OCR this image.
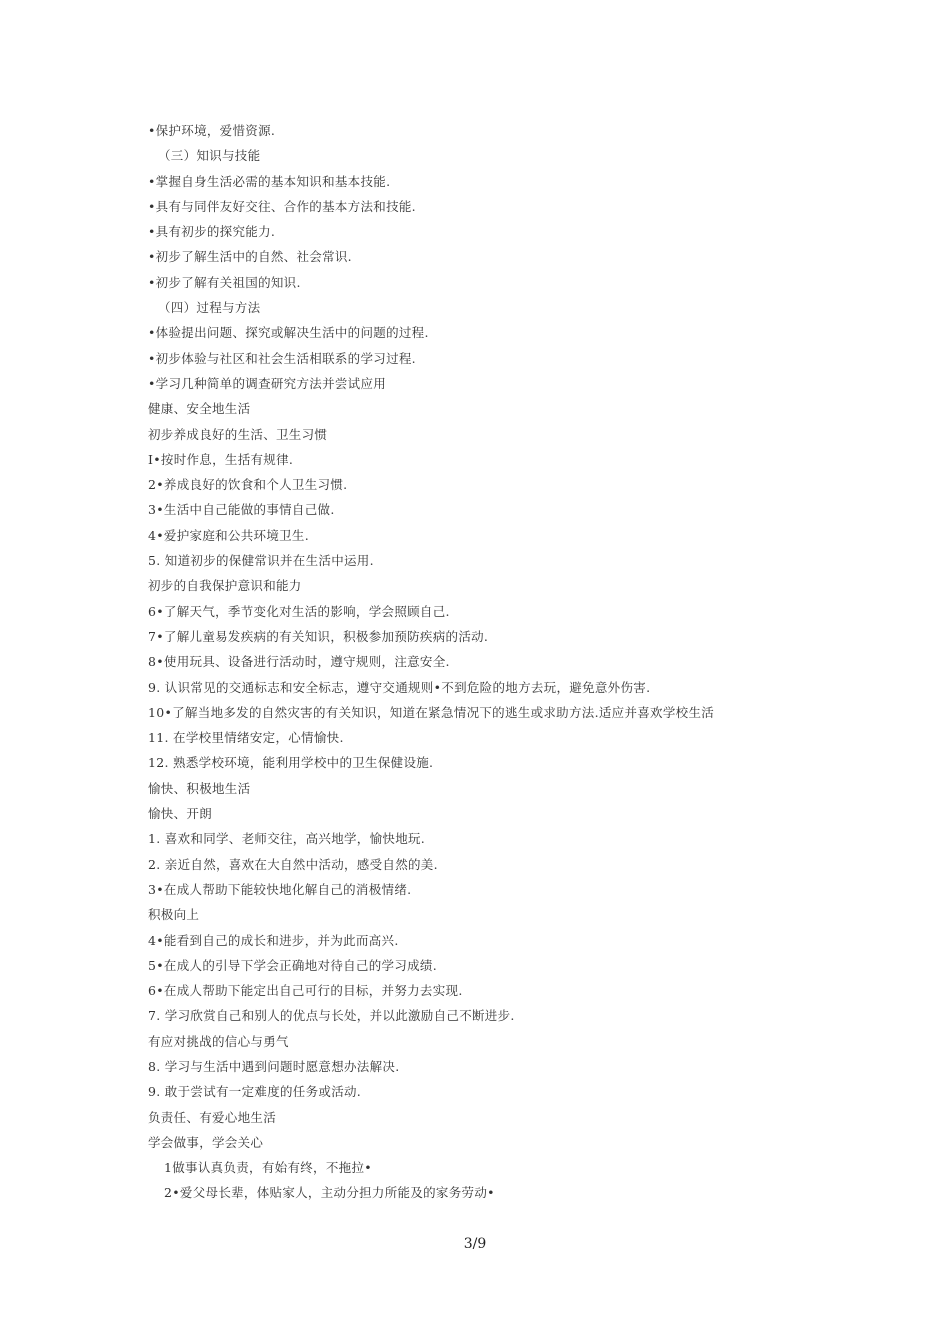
•保护环境，爱惜资源.
（三）知识与技能
•掌握自身生活必需的基本知识和基本技能.
•具有与同伴友好交往、合作的基本方法和技能.
•具有初步的探究能力.
•初步了解生活中的自然、社会常识.
•初步了解有关祖国的知识.
（四）过程与方法
•体验提出问题、探究或解决生活中的问题的过程.
•初步体验与社区和社会生活相联系的学习过程.
•学习几种简单的调查研究方法并尝试应用
健康、安全地生活
初步养成良好的生活、卫生习惯
I•按时作息，生括有规律.
2•养成良好的饮食和个人卫生习惯.
3•生活中自己能做的事情自己做.
4•爱护家庭和公共环境卫生.
5. 知道初步的保健常识并在生活中运用.
初步的自我保护意识和能力
6•了解天气，季节变化对生活的影响，学会照顾自己.
7•了解儿童易发疾病的有关知识，积极参加预防疾病的活动.
8•使用玩具、设备进行活动时，遵守规则，注意安全.
9. 认识常见的交通标志和安全标志，遵守交通规则•不到危险的地方去玩，避免意外伤害.
10•了解当地多发的自然灾害的有关知识，知道在紧急情况下的逃生或求助方法.适应并喜欢学校生活
11. 在学校里情绪安定，心情愉快.
12. 熟悉学校环境，能利用学校中的卫生保健设施.
愉快、积极地生活
愉快、开朗
1. 喜欢和同学、老师交往，高兴地学，愉快地玩.
2. 亲近自然，喜欢在大自然中活动，感受自然的美.
3•在成人帮助下能较快地化解自己的消极情绪.
积极向上
4•能看到自己的成长和进步，并为此而高兴.
5•在成人的引导下学会正确地对待自己的学习成绩.
6•在成人帮助下能定出自己可行的目标，并努力去实现.
7. 学习欣赏自己和别人的优点与长处，并以此激励自己不断进步.
有应对挑战的信心与勇气
8. 学习与生活中遇到问题时愿意想办法解决.
9. 敢于尝试有一定难度的任务或活动.
负责任、有爱心地生活
学会做事，学会关心
1做事认真负责，有始有终，不拖拉•
2•爱父母长辈，体贴家人，主动分担力所能及的家务劳动•
3/9
